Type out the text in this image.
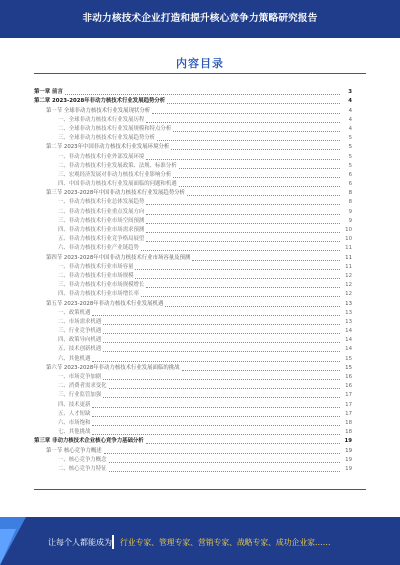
非动力核技术企业打造和提升核心竞争力策略研究报告
内容目录
第一章 前言	3
第二章 2023-2028年非动力核技术行业发展趋势分析	4
第一节 全球非动力核技术行业发展现状分析	4
一、全球非动力核技术行业发展历程	4
二、全球非动力核技术行业发展规模和特点分析	4
三、全球非动力核技术行业发展趋势分析	5
第二节 2023年中国非动力核技术行业发展环境分析	5
一、非动力核技术行业外部发展环境	5
二、非动力核技术行业发展政策、法规、标准分析	5
三、宏观经济发展对非动力核技术行业影响分析	6
四、中国非动力核技术行业发展面临的问题和机遇	6
第三节 2023-2028年中国非动力核技术行业发展趋势分析	8
一、非动力核技术行业总体发展趋势	8
二、非动力核技术行业重点发展方向	9
三、非动力核技术行业市场空间预测	9
四、非动力核技术行业市场需求预测	10
五、非动力核技术行业竞争格局展望	10
六、非动力核技术行业产业链趋势	11
第四节 2023-2028年中国非动力核技术行业市场容量及预测	11
一、非动力核技术行业市场容量	11
二、非动力核技术行业市场规模	12
三、非动力核技术行业市场规模增长	12
四、非动力核技术行业市场增长率	12
第五节 2023-2028年非动力核技术行业发展机遇	13
一、政策机遇	13
二、市场需求机遇	13
三、行业竞争机遇	14
四、政策导向机遇	14
五、技术创新机遇	14
六、其他机遇	15
第六节 2023-2028年非动力核技术行业发展面临的挑战	15
一、市场竞争加剧	16
二、消费者需求变化	16
三、行业监管加强	17
四、技术更新	17
五、人才短缺	17
六、市场饱和	18
七、其他挑战	18
第三章 非动力核技术企业核心竞争力基础分析	19
第一节 核心竞争力概述	19
一、核心竞争力概念	19
二、核心竞争力特征	19
让每个人都能成为 行业专家、管理专家、营销专家、战略专家、成功企业家……
